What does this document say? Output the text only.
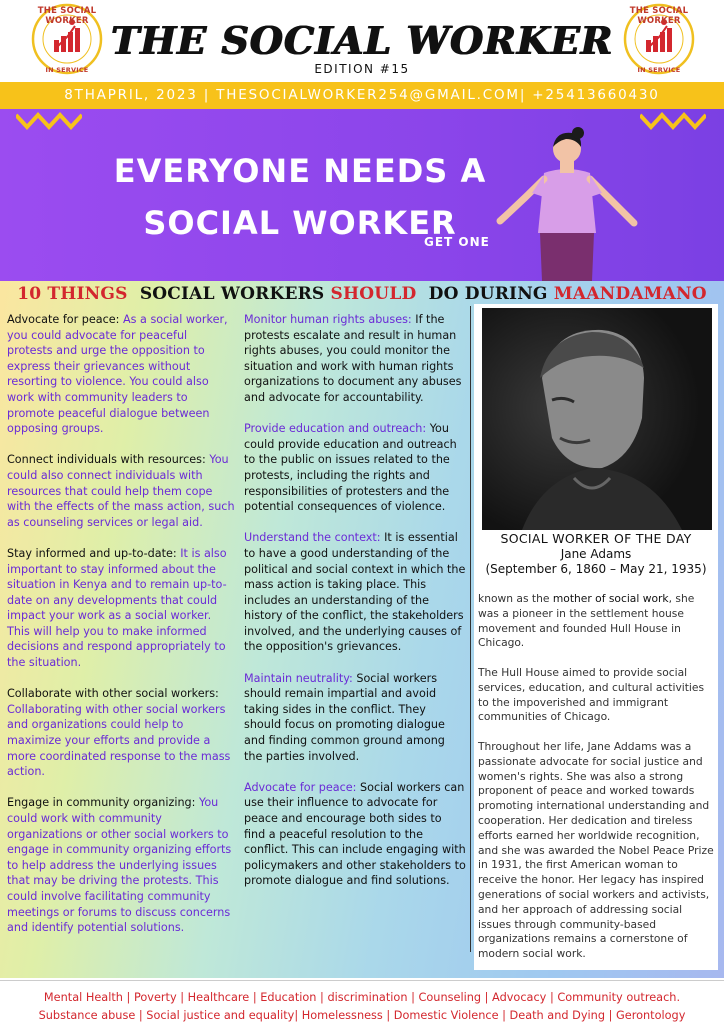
THE SOCIAL WORKER
IN SERVICE
THE SOCIAL WORKER
EDITION #15
THE SOCIAL WORKER
IN SERVICE
8THAPRIL, 2023 | THESOCIALWORKER254@GMAIL.COM| +25413660430
EVERYONE NEEDS A
SOCIAL WORKER
GET ONE
10 THINGS SOCIAL WORKERS SHOULD DO DURING MAANDAMANO
Advocate for peace: As a social worker, you could advocate for peaceful protests and urge the opposition to express their grievances without resorting to violence. You could also work with community leaders to promote peaceful dialogue between opposing groups.
Connect individuals with resources: You could also connect individuals with resources that could help them cope with the effects of the mass action, such as counseling services or legal aid.
Stay informed and up-to-date: It is also important to stay informed about the situation in Kenya and to remain up-to-date on any developments that could impact your work as a social worker. This will help you to make informed decisions and respond appropriately to the situation.
Collaborate with other social workers: Collaborating with other social workers and organizations could help to maximize your efforts and provide a more coordinated response to the mass action.
Engage in community organizing: You could work with community organizations or other social workers to engage in community organizing efforts to help address the underlying issues that may be driving the protests. This could involve facilitating community meetings or forums to discuss concerns and identify potential solutions.
Monitor human rights abuses: If the protests escalate and result in human rights abuses, you could monitor the situation and work with human rights organizations to document any abuses and advocate for accountability.
Provide education and outreach: You could provide education and outreach to the public on issues related to the protests, including the rights and responsibilities of protesters and the potential consequences of violence.
Understand the context: It is essential to have a good understanding of the political and social context in which the mass action is taking place. This includes an understanding of the history of the conflict, the stakeholders involved, and the underlying causes of the opposition's grievances.
Maintain neutrality: Social workers should remain impartial and avoid taking sides in the conflict. They should focus on promoting dialogue and finding common ground among the parties involved.
Advocate for peace: Social workers can use their influence to advocate for peace and encourage both sides to find a peaceful resolution to the conflict. This can include engaging with policymakers and other stakeholders to promote dialogue and find solutions.
SOCIAL WORKER OF THE DAY
Jane Adams
(September 6, 1860 – May 21, 1935)

known as the mother of social work, she was a pioneer in the settlement house movement and founded Hull House in Chicago.

The Hull House aimed to provide social services, education, and cultural activities to the impoverished and immigrant communities of Chicago.

Throughout her life, Jane Addams was a passionate advocate for social justice and women's rights. She was also a strong proponent of peace and worked towards promoting international understanding and cooperation. Her dedication and tireless efforts earned her worldwide recognition, and she was awarded the Nobel Peace Prize in 1931, the first American woman to receive the honor. Her legacy has inspired generations of social workers and activists, and her approach of addressing social issues through community-based organizations remains a cornerstone of modern social work.

Mental Health | Poverty | Healthcare | Education | discrimination | Counseling | Advocacy | Community outreach.
Substance abuse | Social justice and equality| Homelessness | Domestic Violence | Death and Dying | Gerontology
